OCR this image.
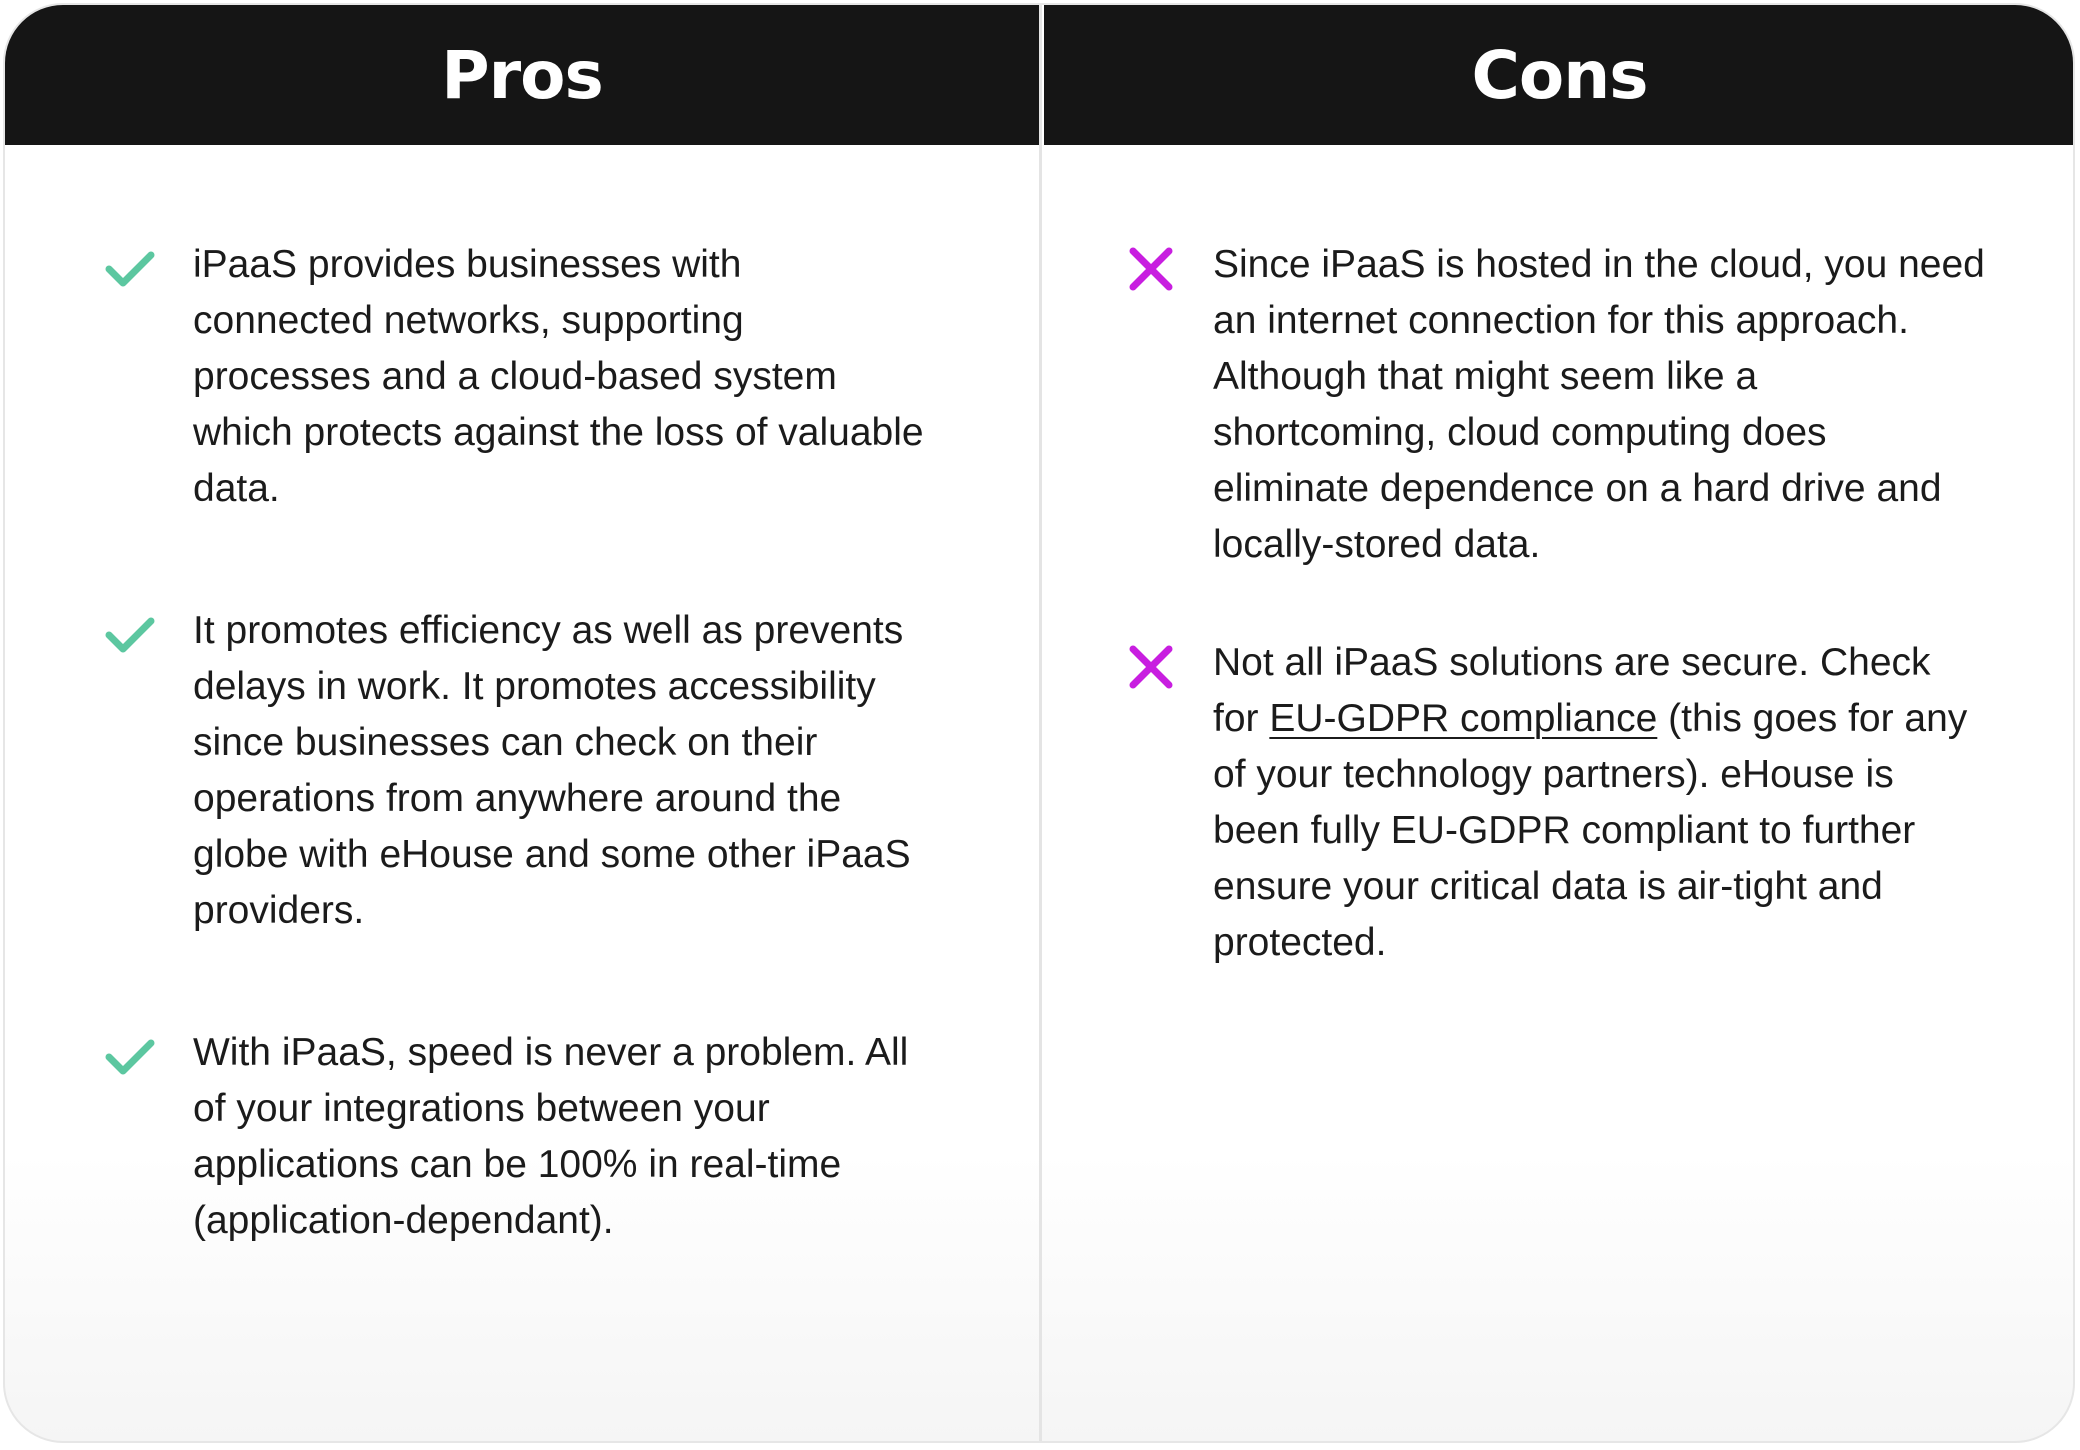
Pros	Cons
iPaaS provides businesses with connected networks, supporting processes and a cloud-based system which protects against the loss of valuable data.
It promotes efficiency as well as prevents delays in work. It promotes accessibility since businesses can check on their operations from anywhere around the globe with eHouse and some other iPaaS providers.
With iPaaS, speed is never a problem. All of your integrations between your applications can be 100% in real-time (application-dependant).
Since iPaaS is hosted in the cloud, you need an internet connection for this approach. Although that might seem like a shortcoming, cloud computing does eliminate dependence on a hard drive and locally-stored data.
Not all iPaaS solutions are secure. Check for EU-GDPR compliance (this goes for any of your technology partners). eHouse is been fully EU-GDPR compliant to further ensure your critical data is air-tight and protected.
